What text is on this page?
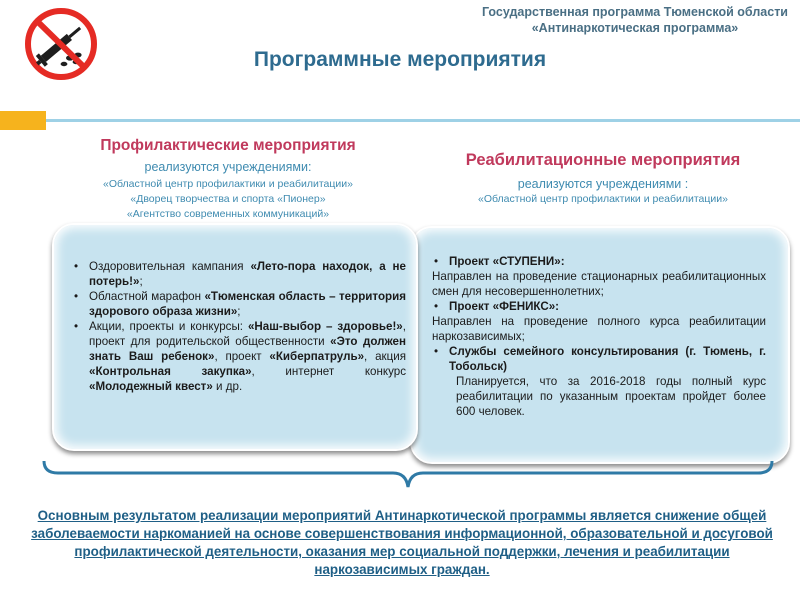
Государственная программа Тюменской области
«Антинаркотическая программа»
Программные мероприятия
Профилактические мероприятия
реализуются учреждениями:
«Областной центр профилактики и реабилитации»
«Дворец творчества и спорта «Пионер»
«Агентство современных коммуникаций»
Реабилитационные мероприятия
реализуются учреждениями :
«Областной центр профилактики и реабилитации»
• Проект «СТУПЕНИ»:
Направлен на проведение стационарных реабилитационных смен для несовершеннолетних;
• Проект «ФЕНИКС»:
Направлен на проведение полного курса реабилитации наркозависимых;
• Службы семейного консультирования (г. Тюмень, г. Тобольск)
Планируется, что за 2016-2018 годы полный курс реабилитации по указанным проектам пройдет более 600 человек.
• Оздоровительная кампания «Лето-пора находок, а не потерь!»;
• Областной марафон «Тюменская область – территория здорового образа жизни»;
• Акции, проекты и конкурсы: «Наш-выбор – здоровье!», проект для родительской общественности «Это должен знать Ваш ребенок», проект «Киберпатруль», акция «Контрольная закупка», интернет конкурс «Молодежный квест» и др.
Основным результатом реализации мероприятий Антинаркотической программы является снижение общей заболеваемости наркоманией на основе совершенствования информационной, образовательной и досуговой профилактической деятельности, оказания мер социальной поддержки, лечения и реабилитации наркозависимых граждан.
